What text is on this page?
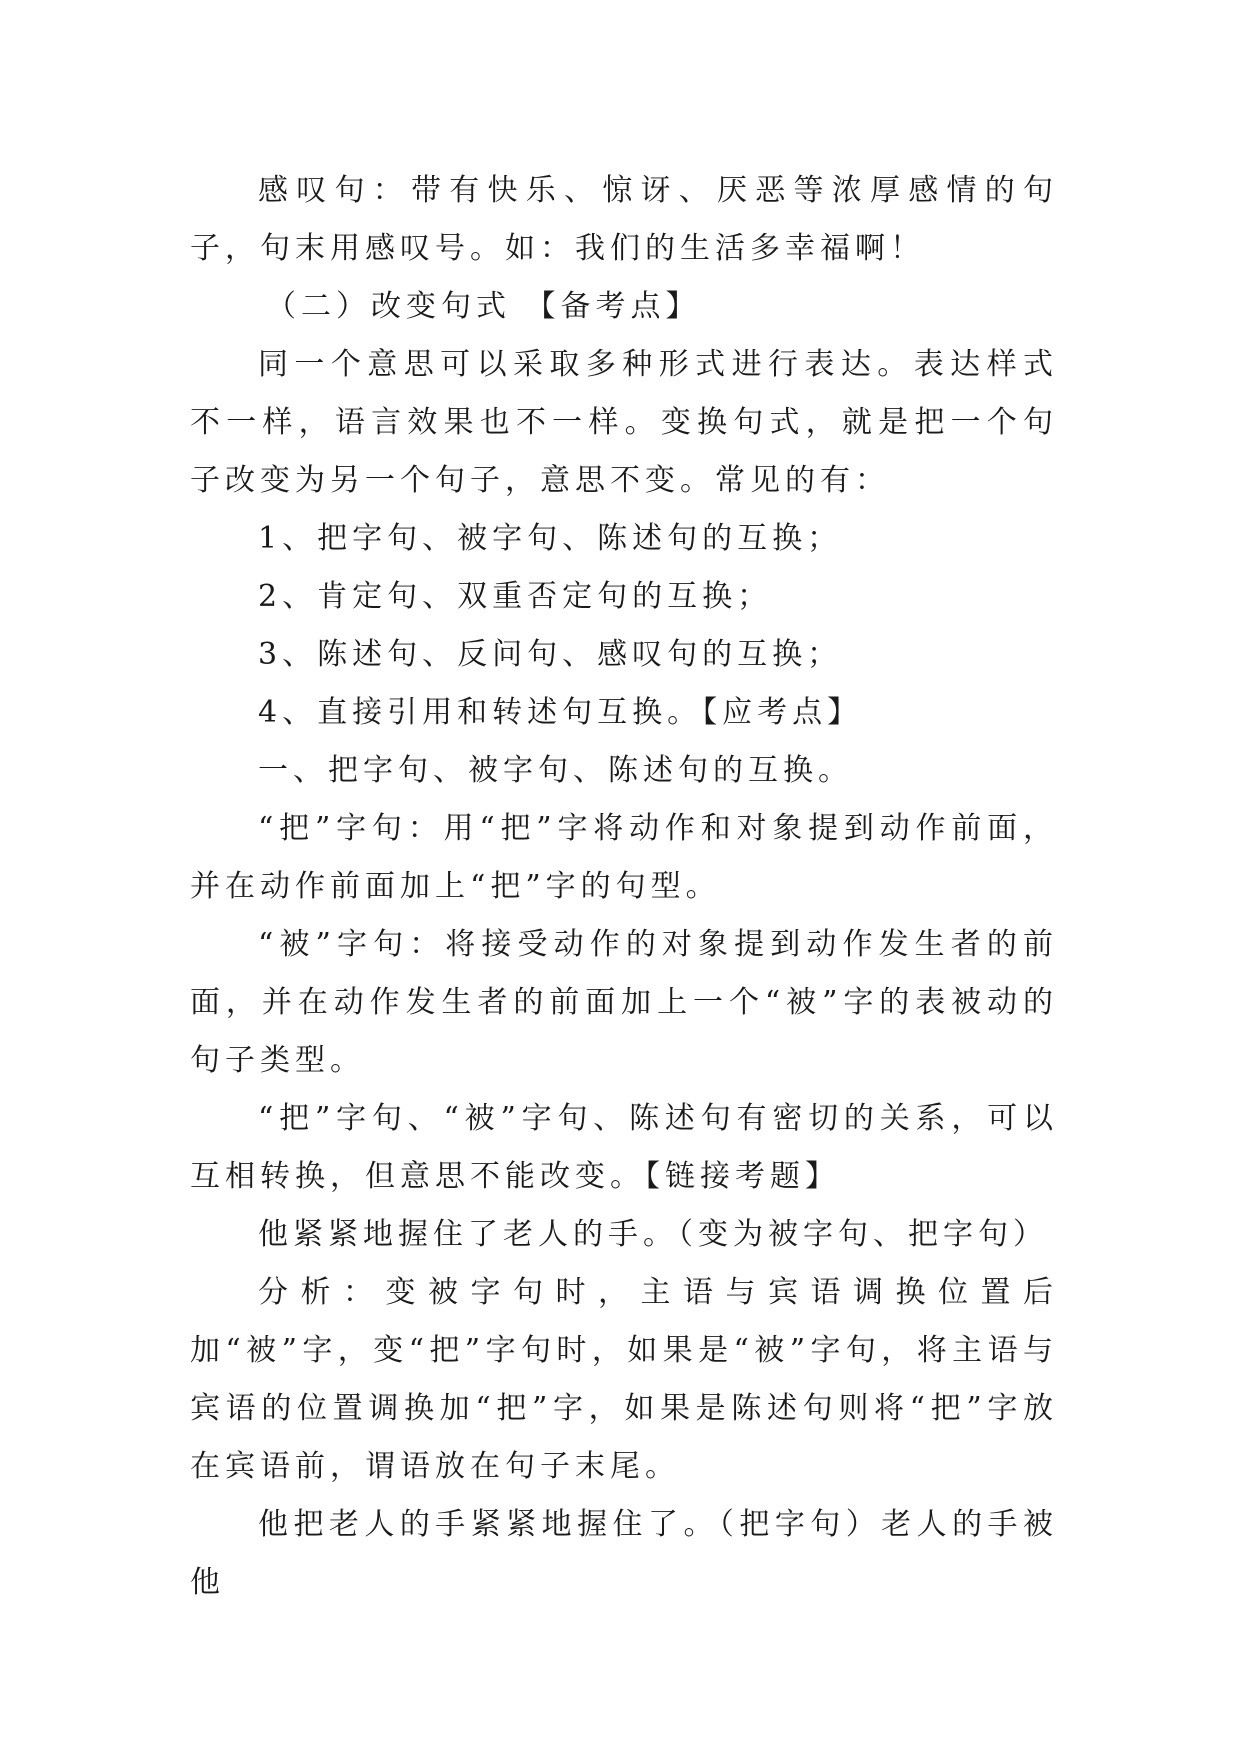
感叹句：带有快乐、惊讶、厌恶等浓厚感情的句子，句末用感叹号。如：我们的生活多幸福啊！

（二）改变句式 【备考点】

同一个意思可以采取多种形式进行表达。表达样式不一样，语言效果也不一样。变换句式，就是把一个句子改变为另一个句子，意思不变。常见的有：

1、把字句、被字句、陈述句的互换；

2、肯定句、双重否定句的互换；

3、陈述句、反问句、感叹句的互换；

4、直接引用和转述句互换。【应考点】

一、把字句、被字句、陈述句的互换。

“把”字句：用“把”字将动作和对象提到动作前面，并在动作前面加上“把”字的句型。

“被”字句：将接受动作的对象提到动作发生者的前面，并在动作发生者的前面加上一个“被”字的表被动的句子类型。

“把”字句、“被”字句、陈述句有密切的关系，可以互相转换，但意思不能改变。【链接考题】

他紧紧地握住了老人的手。（变为被字句、把字句）

分析：变被字句时，主语与宾语调换位置后加“被”字，变“把”字句时，如果是“被”字句，将主语与宾语的位置调换加“把”字，如果是陈述句则将“把”字放在宾语前，谓语放在句子末尾。

他把老人的手紧紧地握住了。（把字句）老人的手被他
